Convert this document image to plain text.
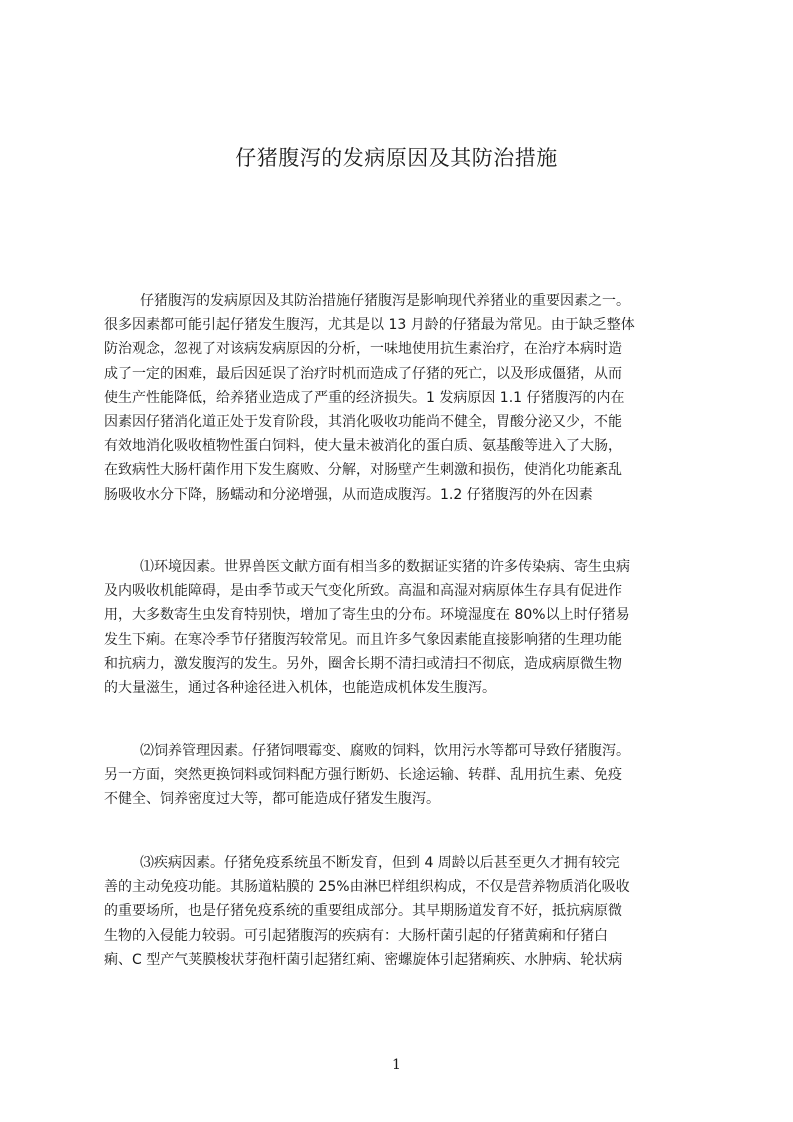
仔猪腹泻的发病原因及其防治措施
仔猪腹泻的发病原因及其防治措施仔猪腹泻是影响现代养猪业的重要因素之一。
很多因素都可能引起仔猪发生腹泻，尤其是以 13 月龄的仔猪最为常见。由于缺乏整体
防治观念，忽视了对该病发病原因的分析，一味地使用抗生素治疗，在治疗本病时造
成了一定的困难，最后因延误了治疗时机而造成了仔猪的死亡，以及形成僵猪，从而
使生产性能降低，给养猪业造成了严重的经济损失。1 发病原因 1.1 仔猪腹泻的内在
因素因仔猪消化道正处于发育阶段，其消化吸收功能尚不健全，胃酸分泌又少，不能
有效地消化吸收植物性蛋白饲料，使大量未被消化的蛋白质、氨基酸等进入了大肠，
在致病性大肠杆菌作用下发生腐败、分解，对肠壁产生刺激和损伤，使消化功能紊乱
肠吸收水分下降，肠蠕动和分泌增强，从而造成腹泻。1.2 仔猪腹泻的外在因素
⑴环境因素。世界兽医文献方面有相当多的数据证实猪的许多传染病、寄生虫病
及内吸收机能障碍，是由季节或天气变化所致。高温和高湿对病原体生存具有促进作
用，大多数寄生虫发育特别快，增加了寄生虫的分布。环境湿度在 80%以上时仔猪易
发生下痢。在寒冷季节仔猪腹泻较常见。而且许多气象因素能直接影响猪的生理功能
和抗病力，激发腹泻的发生。另外，圈舍长期不清扫或清扫不彻底，造成病原微生物
的大量滋生，通过各种途径进入机体，也能造成机体发生腹泻。
⑵饲养管理因素。仔猪饲喂霉变、腐败的饲料，饮用污水等都可导致仔猪腹泻。
另一方面，突然更换饲料或饲料配方强行断奶、长途运输、转群、乱用抗生素、免疫
不健全、饲养密度过大等，都可能造成仔猪发生腹泻。
⑶疾病因素。仔猪免疫系统虽不断发育，但到 4 周龄以后甚至更久才拥有较完
善的主动免疫功能。其肠道粘膜的 25%由淋巴样组织构成，不仅是营养物质消化吸收
的重要场所，也是仔猪免疫系统的重要组成部分。其早期肠道发育不好，抵抗病原微
生物的入侵能力较弱。可引起猪腹泻的疾病有：大肠杆菌引起的仔猪黄痢和仔猪白
痢、C 型产气荚膜梭状芽孢杆菌引起猪红痢、密螺旋体引起猪痢疾、水肿病、轮状病
1
